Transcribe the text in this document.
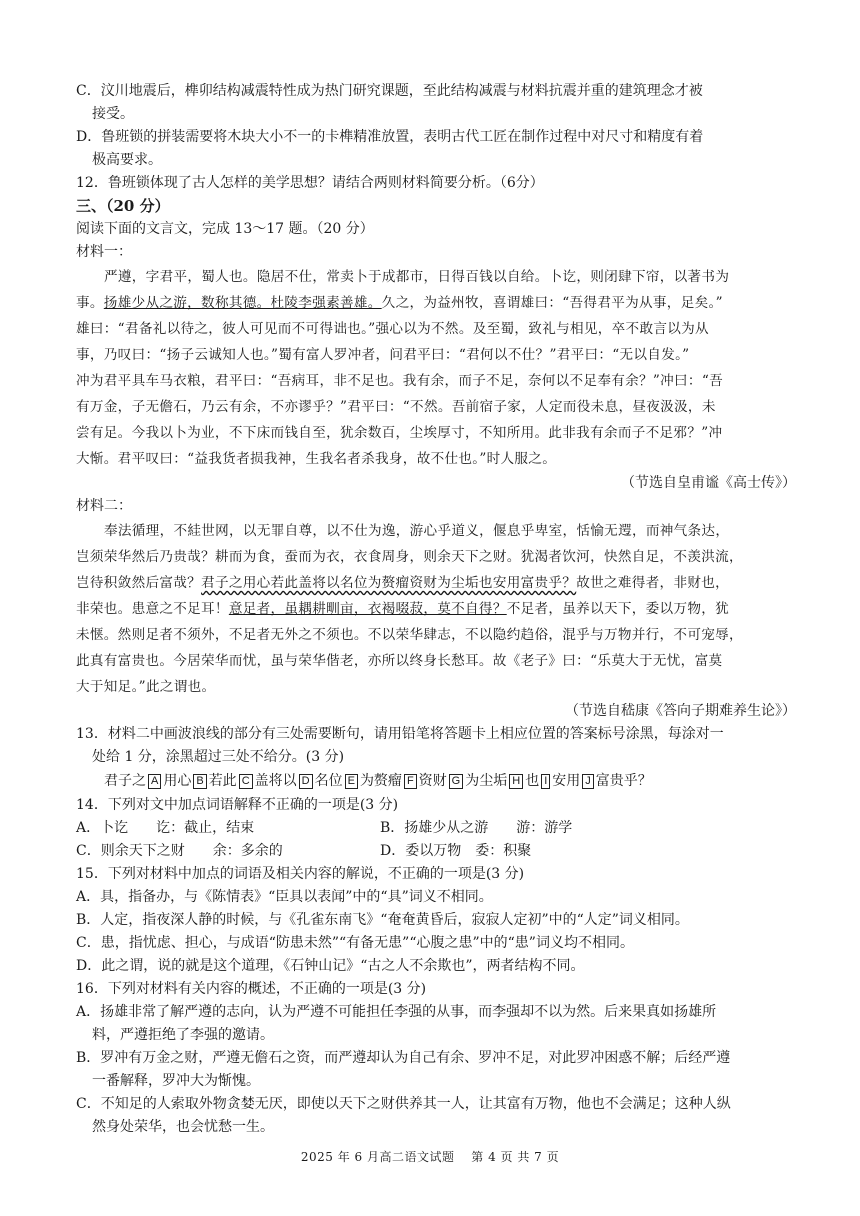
C．汶川地震后，榫卯结构减震特性成为热门研究课题，至此结构减震与材料抗震并重的建筑理念才被
接受。
D．鲁班锁的拼装需要将木块大小不一的卡榫精准放置，表明古代工匠在制作过程中对尺寸和精度有着
极高要求。
12．鲁班锁体现了古人怎样的美学思想？请结合两则材料简要分析。（6分）
三、（20 分）
阅读下面的文言文，完成 13～17 题。（20 分）
材料一：
严遵，字君平，蜀人也。隐居不仕，常卖卜于成都市，日得百钱以自给。卜讫，则闭肆下帘，以著书为
事。扬雄少从之游，数称其德。杜陵李强素善雄。久之，为益州牧，喜谓雄曰：“吾得君平为从事，足矣。”
雄曰：“君备礼以待之，彼人可见而不可得诎也。”强心以为不然。及至蜀，致礼与相见，卒不敢言以为从
事，乃叹曰：“扬子云诚知人也。”蜀有富人罗冲者，问君平曰：“君何以不仕？”君平曰：“无以自发。”
冲为君平具车马衣粮，君平曰：“吾病耳，非不足也。我有余，而子不足，奈何以不足奉有余？”冲曰：“吾
有万金，子无儋石，乃云有余，不亦谬乎？”君平曰：“不然。吾前宿子家，人定而役未息，昼夜汲汲，未
尝有足。今我以卜为业，不下床而钱自至，犹余数百，尘埃厚寸，不知所用。此非我有余而子不足邪？”冲
大惭。君平叹曰：“益我货者损我神，生我名者杀我身，故不仕也。”时人服之。
（节选自皇甫谧《高士传》）
材料二：
奉法循理，不絓世网，以无罪自尊，以不仕为逸，游心乎道义，偃息乎卑室，恬愉无遌，而神气条达，
岂须荣华然后乃贵哉？耕而为食，蚕而为衣，衣食周身，则余天下之财。犹渴者饮河，快然自足，不羡洪流，
岂待积敛然后富哉？君子之用心若此盖将以名位为赘瘤资财为尘垢也安用富贵乎？故世之难得者，非财也，
非荣也。患意之不足耳！意足者，虽耦耕甽亩，衣褐啜菽，莫不自得？不足者，虽养以天下，委以万物，犹
未惬。然则足者不须外，不足者无外之不须也。不以荣华肆志，不以隐约趋俗，混乎与万物并行，不可宠辱，
此真有富贵也。今居荣华而忧，虽与荣华偕老，亦所以终身长愁耳。故《老子》曰：“乐莫大于无忧，富莫
大于知足。”此之谓也。
（节选自嵇康《答向子期难养生论》）
13．材料二中画波浪线的部分有三处需要断句，请用铅笔将答题卡上相应位置的答案标号涂黑，每涂对一
处给 1 分，涂黑超过三处不给分。(3 分)
君子之 A 用心 B 若此 C 盖将以 D 名位 E 为赘瘤 F 资财 G 为尘垢 H 也 I 安用 J 富贵乎？
14．下列对文中加点词语解释不正确的一项是(3 分)
A．卜讫　　讫：截止，结束	B．扬雄少从之游　　游：游学
C．则余天下之财　　余：多余的	D．委以万物　委：积聚
15．下列对材料中加点的词语及相关内容的解说，不正确的一项是(3 分)
A．具，指备办，与《陈情表》“臣具以表闻”中的“具”词义不相同。
B．人定，指夜深人静的时候，与《孔雀东南飞》“奄奄黄昏后，寂寂人定初”中的“人定”词义相同。
C．患，指忧虑、担心，与成语“防患未然”“有备无患”“心腹之患”中的“患”词义均不相同。
D．此之谓，说的就是这个道理，《石钟山记》“古之人不余欺也”，两者结构不同。
16．下列对材料有关内容的概述，不正确的一项是(3 分)
A．扬雄非常了解严遵的志向，认为严遵不可能担任李强的从事，而李强却不以为然。后来果真如扬雄所
料，严遵拒绝了李强的邀请。
B．罗冲有万金之财，严遵无儋石之资，而严遵却认为自己有余、罗冲不足，对此罗冲困惑不解；后经严遵
一番解释，罗冲大为惭愧。
C．不知足的人索取外物贪婪无厌，即使以天下之财供养其一人，让其富有万物，他也不会满足；这种人纵
然身处荣华，也会忧愁一生。
2025 年 6 月高二语文试题　 第 4 页 共 7 页
